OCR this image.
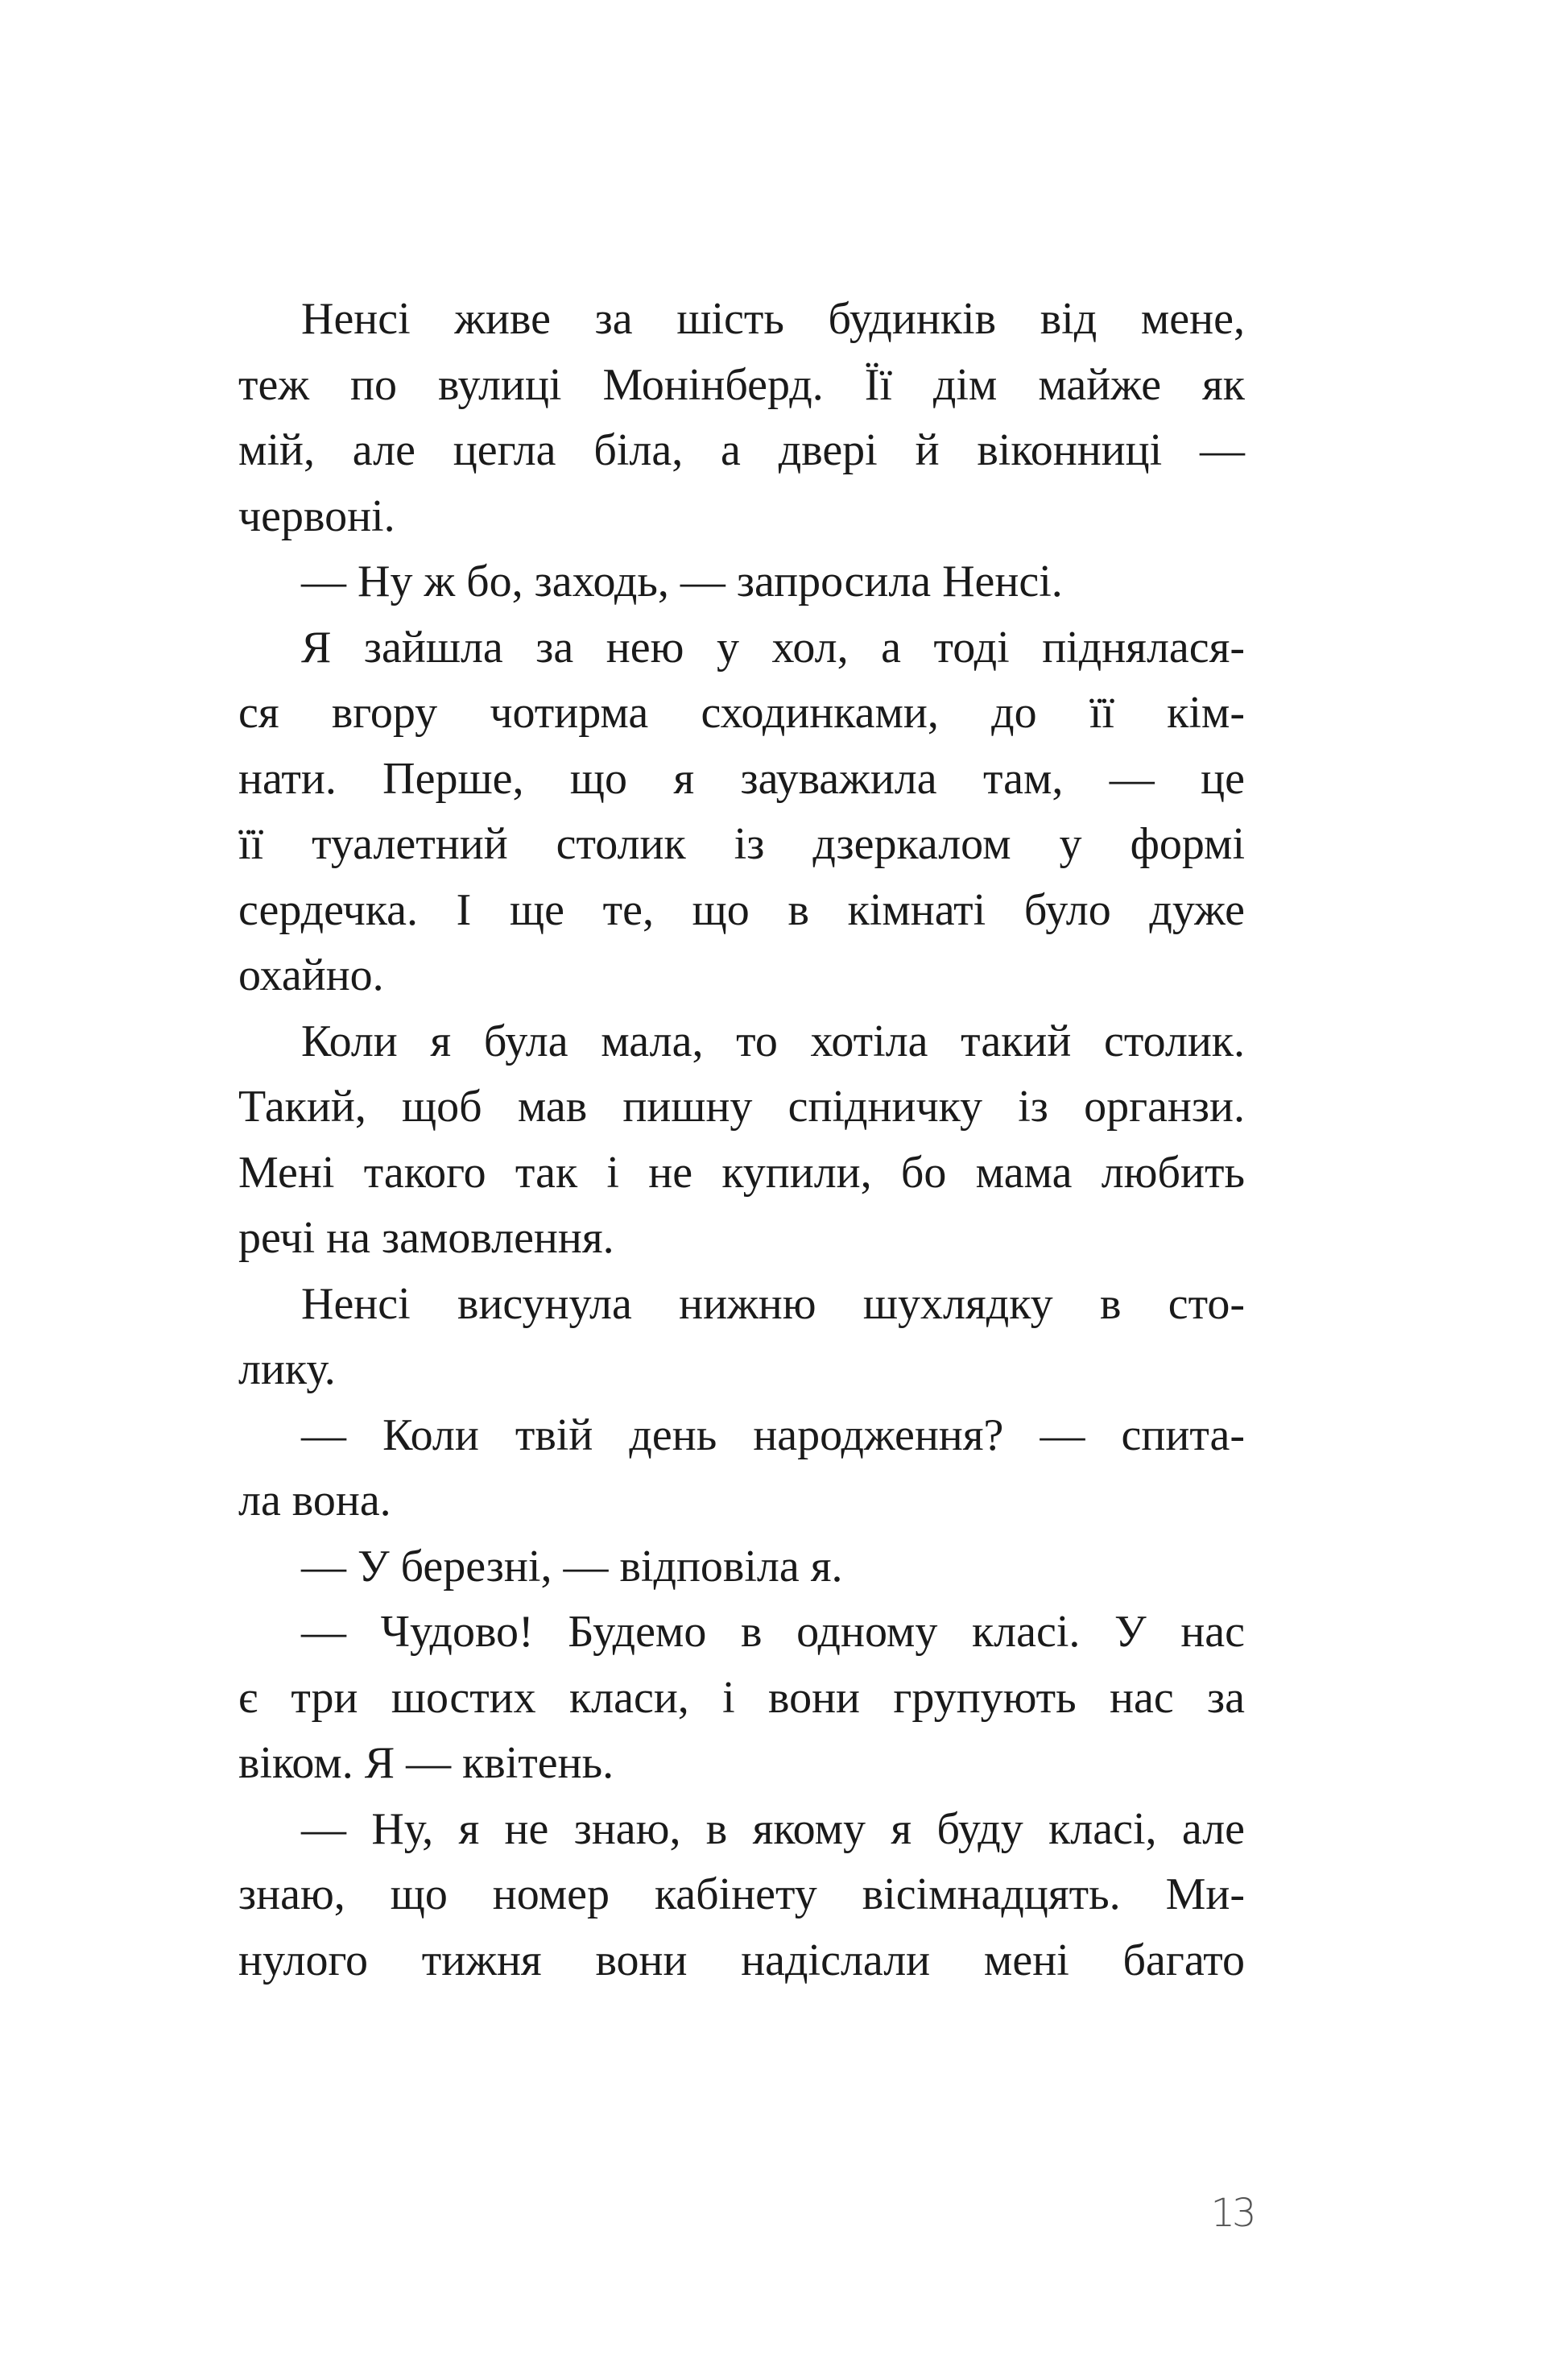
Ненсі живе за шість будинків від мене,
теж по вулиці Монінберд. Її дім майже як
мій, але цегла біла, а двері й віконниці —
червоні.
— Ну ж бо, заходь, — запросила Ненсі.
Я зайшла за нею у хол, а тоді піднялася-
ся вгору чотирма сходинками, до її кім-
нати. Перше, що я зауважила там, — це
її туалетний столик із дзеркалом у формі
сердечка. І ще те, що в кімнаті було дуже
охайно.
Коли я була мала, то хотіла такий столик.
Такий, щоб мав пишну спідничку із органзи.
Мені такого так і не купили, бо мама любить
речі на замовлення.
Ненсі висунула нижню шухлядку в сто-
лику.
— Коли твій день народження? — спита-
ла вона.
— У березні, — відповіла я.
— Чудово! Будемо в одному класі. У нас
є три шостих класи, і вони групують нас за
віком. Я — квітень.
— Ну, я не знаю, в якому я буду класі, але
знаю, що номер кабінету вісімнадцять. Ми-
нулого тижня вони надіслали мені багато
13
